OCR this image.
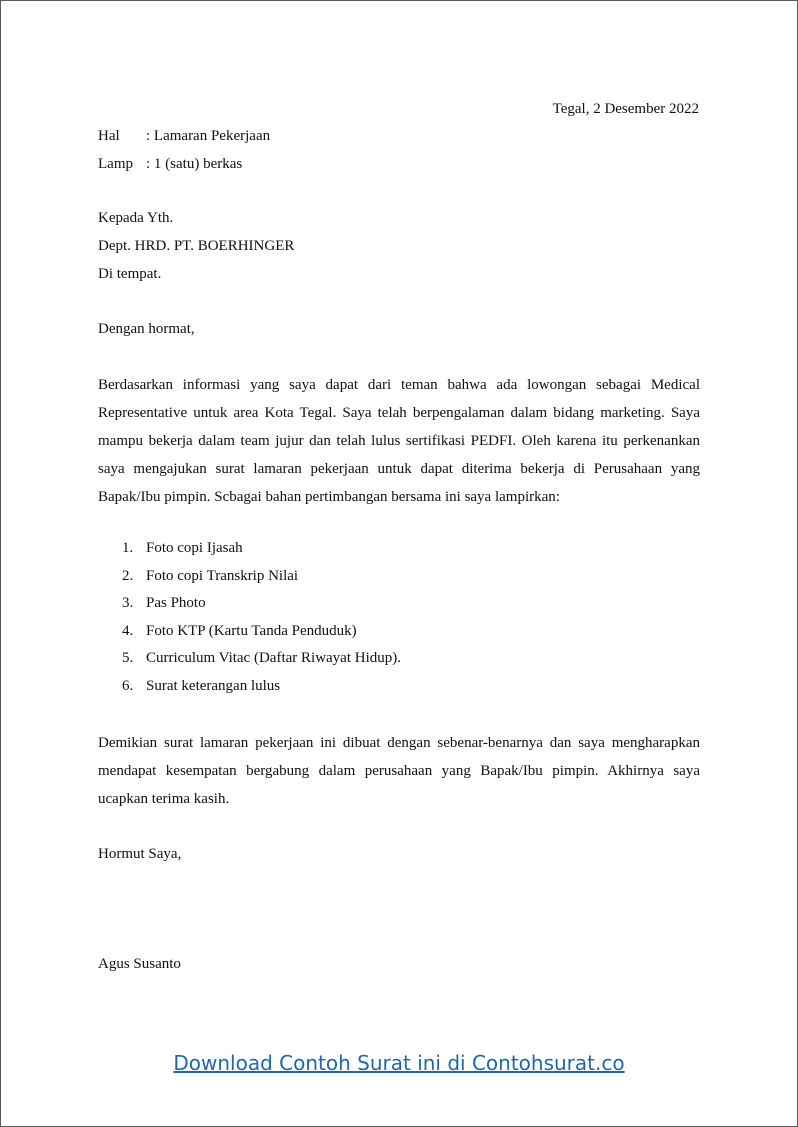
Tegal, 2 Desember 2022
Hal	: Lamaran Pekerjaan
Lamp : 1 (satu) berkas
Kepada Yth.
Dept. HRD. PT. BOERHINGER
Di tempat.
Dengan hormat,
Berdasarkan informasi yang saya dapat dari teman bahwa ada lowongan sebagai Medical Representative untuk area Kota Tegal. Saya telah berpengalaman dalam bidang marketing. Saya mampu bekerja dalam team jujur dan telah lulus sertifikasi PEDFI. Oleh karena itu perkenankan saya mengajukan surat lamaran pekerjaan untuk dapat diterima bekerja di Perusahaan yang Bapak/Ibu pimpin. Scbagai bahan pertimbangan bersama ini saya lampirkan:
1. Foto copi Ijasah
2. Foto copi Transkrip Nilai
3. Pas Photo
4. Foto KTP (Kartu Tanda Penduduk)
5. Curriculum Vitac (Daftar Riwayat Hidup).
6. Surat keterangan lulus
Demikian surat lamaran pekerjaan ini dibuat dengan sebenar-benarnya dan saya mengharapkan mendapat kesempatan bergabung dalam perusahaan yang Bapak/Ibu pimpin. Akhirnya saya ucapkan terima kasih.
Hormut Saya,
Agus Susanto
Download Contoh Surat ini di Contohsurat.co
